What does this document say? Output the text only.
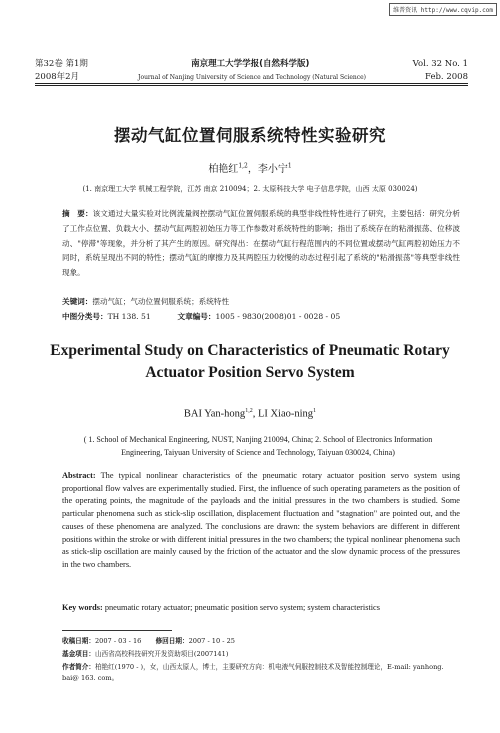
维普资讯 http://www.cqvip.com
第32卷 第1期	南京理工大学学报(自然科学版)	Vol. 32 No. 1
2008年2月	Journal of Nanjing University of Science and Technology (Natural Science)	Feb. 2008
摆动气缸位置伺服系统特性实验研究
柏艳红$^{1,2}$，李小宁$^1$
(1. 南京理工大学 机械工程学院，江苏 南京 210094；2. 太原科技大学 电子信息学院，山西 太原 030024)
摘　要：该文通过大量实验对比例流量阀控摆动气缸位置伺服系统的典型非线性特性进行了研究，主要包括：研究分析了工作点位置、负载大小、摆动气缸两腔初始压力等工作参数对系统特性的影响；指出了系统存在的粘滑振荡、位移波动、"停滞"等现象，并分析了其产生的原因。研究得出：在摆动气缸行程范围内的不同位置或摆动气缸两腔初始压力不同时，系统呈现出不同的特性；摆动气缸的摩擦力及其两腔压力较慢的动态过程引起了系统的"粘滑振荡"等典型非线性现象。
关键词：摆动气缸；气动位置伺服系统；系统特性
中图分类号：TH 138. 51	文章编号：1005 - 9830(2008)01 - 0028 - 05
Experimental Study on Characteristics of Pneumatic Rotary
Actuator Position Servo System
BAI Yan-hong$^{1,2}$, LI Xiao-ning$^1$
( 1. School of Mechanical Engineering, NUST, Nanjing 210094, China; 2. School of Electronics Information Engineering, Taiyuan University of Science and Technology, Taiyuan 030024, China)
Abstract: The typical nonlinear characteristics of the pneumatic rotary actuator position servo system using proportional flow valves are experimentally studied. First, the influence of such operating parameters as the position of the operating points, the magnitude of the payloads and the initial pressures in the two chambers is studied. Some particular phenomena such as stick-slip oscillation, displacement fluctuation and "stagnation" are pointed out, and the causes of these phenomena are analyzed. The conclusions are drawn: the system behaviors are different in different positions within the stroke or with different initial pressures in the two chambers; the typical nonlinear phenomena such as stick-slip oscillation are mainly caused by the friction of the actuator and the slow dynamic process of the pressures in the two chambers.
Key words: pneumatic rotary actuator; pneumatic position servo system; system characteristics
收稿日期：2007 - 03 - 16 修回日期：2007 - 10 - 25
基金项目：山西省高校科技研究开发资助项目(2007141)
作者简介：柏艳红(1970 - )，女，山西太原人，博士，主要研究方向：机电液气伺服控制技术及智能控制理论，E-mail: yanhong. bai@ 163. com。
